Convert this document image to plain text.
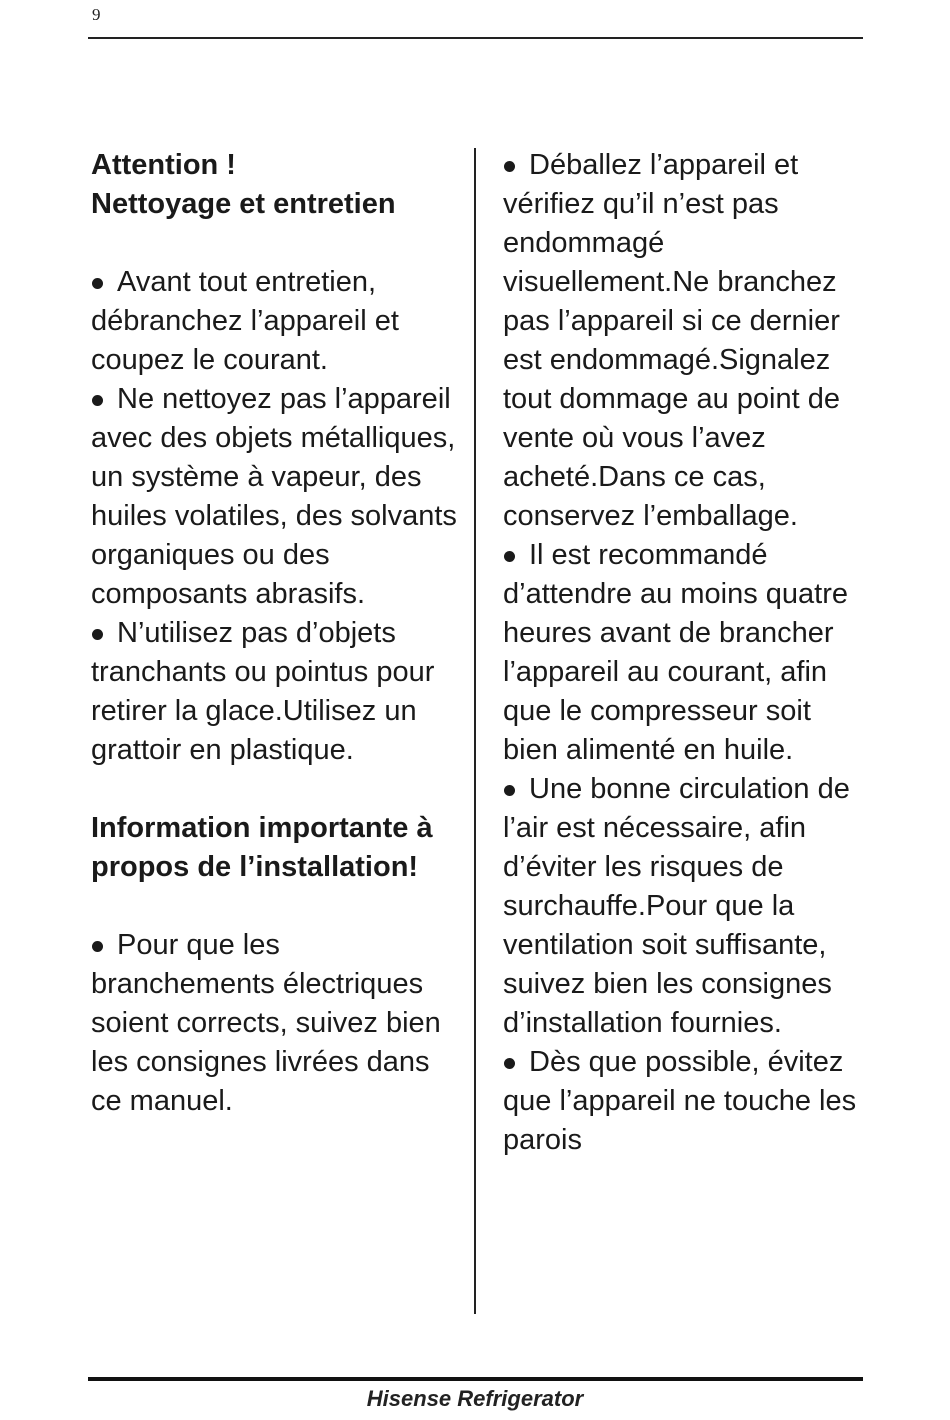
9

Attention !

Nettoyage et entretien

Avant tout entretien, débranchez l’appareil et coupez le courant.

Ne nettoyez pas l’appareil avec des objets métalliques, un système à vapeur, des huiles volatiles, des solvants organiques ou des composants abrasifs.

N’utilisez pas d’objets tranchants ou pointus pour retirer la glace.Utilisez un grattoir en plastique.

Information importante à propos de l’installation!

Pour que les branchements électriques soient corrects, suivez bien les consignes livrées dans ce manuel.

Déballez l’appareil et vérifiez qu’il n’est pas endommagé visuellement.Ne branchez pas l’appareil si ce dernier est endommagé.Signalez tout dommage au point de vente où vous l’avez acheté.Dans ce cas, conservez l’emballage.

Il est recommandé d’attendre au moins quatre heures avant de brancher l’appareil au courant, afin que le compresseur soit bien alimenté en huile.

Une bonne circulation de l’air est nécessaire, afin d’éviter les risques de surchauffe.Pour que la ventilation soit suffisante, suivez bien les consignes d’installation fournies.

Dès que possible, évitez que l’appareil ne touche les parois

Hisense Refrigerator
